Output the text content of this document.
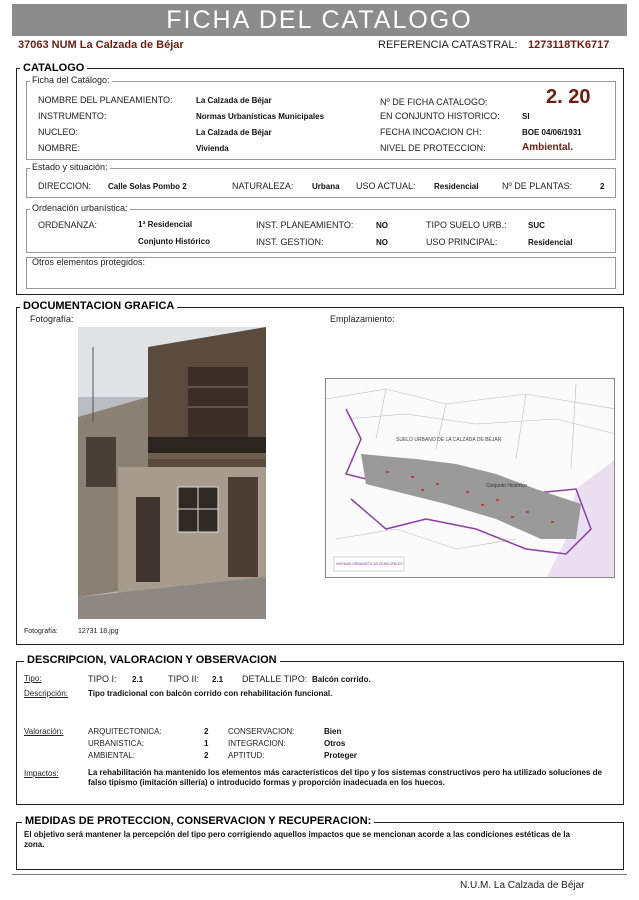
FICHA DEL CATALOGO
37063 NUM La Calzada de Béjar	REFERENCIA CATASTRAL: 1273118TK6717
CATALOGO
Ficha del Catálogo:
NOMBRE DEL PLANEAMIENTO:	La Calzada de Béjar
INSTRUMENTO:	Normas Urbanísticas Municipales
NUCLEO:	La Calzada de Béjar
NOMBRE:	Vivienda
Nº DE FICHA CATALOGO:	2. 20
EN CONJUNTO HISTORICO:	SI
FECHA INCOACION CH:	BOE 04/06/1931
NIVEL DE PROTECCION:	Ambiental.
Estado y situación:
DIRECCION: Calle Solas Pombo 2	NATURALEZA: Urbana USO ACTUAL: Residencial	Nº DE PLANTAS:	2
Ordenación urbanística:
ORDENANZA:	1ª Residencial
Conjunto Histórico
INST. PLANEAMIENTO:	NO
INST. GESTION:	NO
TIPO SUELO URB.:	SUC
USO PRINCIPAL:	Residencial
Otros elementos protegidos:
DOCUMENTACION GRAFICA
Fotografía:	Emplazamiento:
Fotografía:	12731 18.jpg
SUELO URBANO DE LA CALZADA DE BÉJAR
Conjunto Histórico
NORMAS URBANÍSTICAS MUNICIPALES
DESCRIPCION, VALORACION Y OBSERVACION
Tipo:	TIPO I: 2.1	TIPO II: 2.1 DETALLE TIPO: Balcón corrido.
Descripción: Tipo tradicional con balcón corrido con rehabilitación funcional.
Valoración:	ARQUITECTONICA:	2
URBANISTICA:	1
AMBIENTAL:	2
CONSERVACION:	Bien
INTEGRACION:	Otros
APTITUD:	Proteger
Impactos:	La rehabilitación ha mantenido los elementos más característicos del tipo y los sistemas constructivos pero ha utilizado soluciones de falso tipismo (imitación sillería) o introducido formas y proporción inadecuada en los huecos.
MEDIDAS DE PROTECCION, CONSERVACION Y RECUPERACION:
El objetivo será mantener la percepción del tipo pero corrigiendo aquellos impactos que se mencionan acorde a las condiciones estéticas de la zona.
N.U.M. La Calzada de Béjar
